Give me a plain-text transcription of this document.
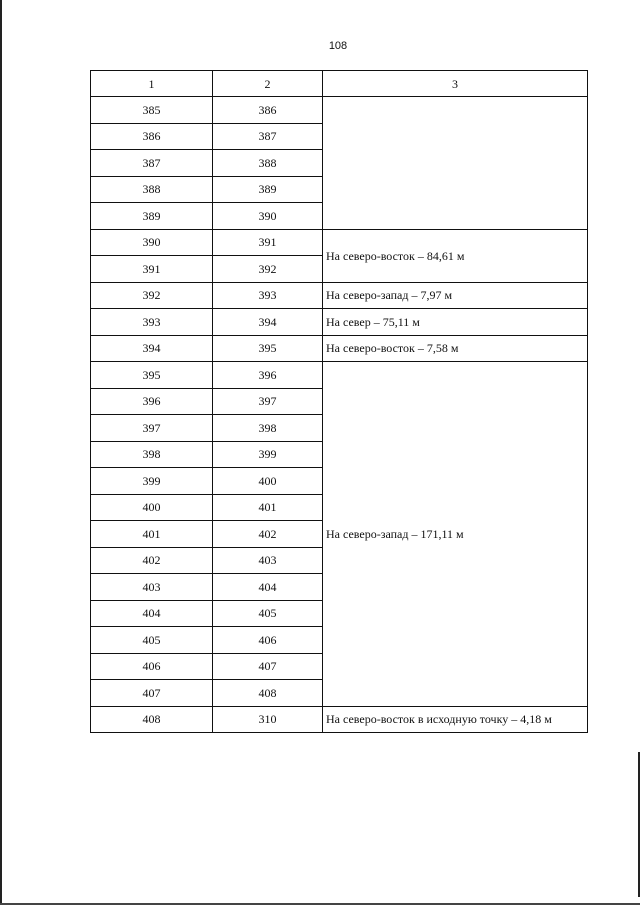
108
1	2	3
385	386	
386	387	
387	388	
388	389	
389	390	
390	391	На северо-восток – 84,61 м
391	392	
392	393	На северо-запад – 7,97 м
393	394	На север – 75,11 м
394	395	На северо-восток – 7,58 м
395	396	На северо-запад – 171,11 м
396	397	
397	398	
398	399	
399	400	
400	401	
401	402	
402	403	
403	404	
404	405	
405	406	
406	407	
407	408	
408	310	На северо-восток в исходную точку – 4,18 м
